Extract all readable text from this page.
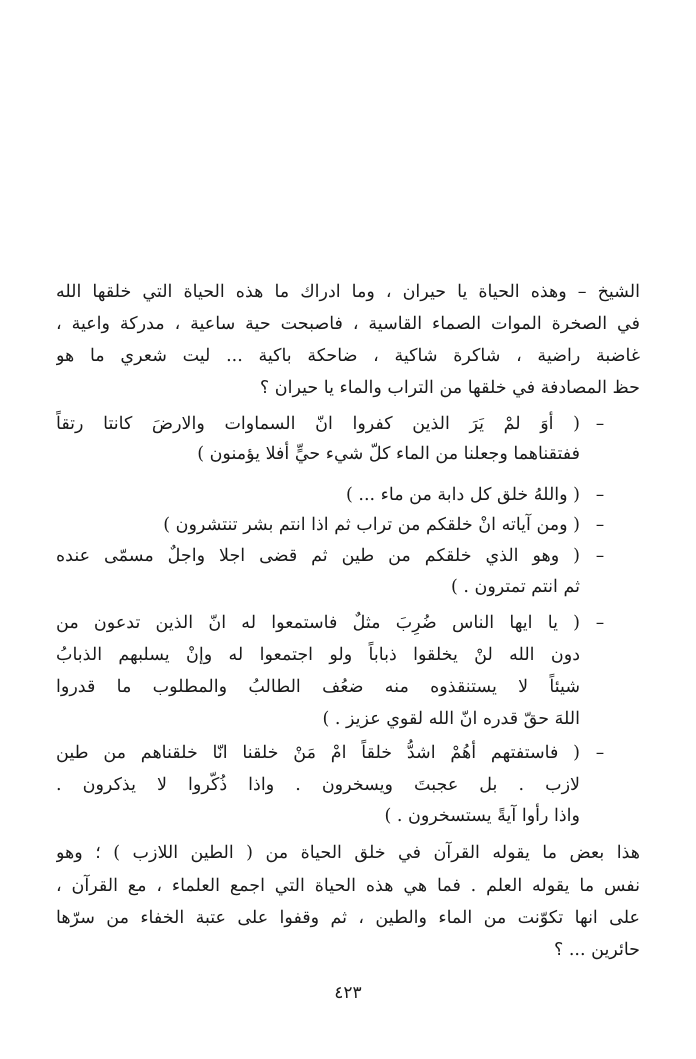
الشيخ – وهذه الحياة يا حيران ، وما ادراك ما هذه الحياة التي خلقها الله
في الصخرة الموات الصماء القاسية ، فاصبحت حية ساعية ، مدركة واعية ،
غاضبة راضية ، شاكرة شاكية ، ضاحكة باكية ... ليت شعري ما هو
حظ المصادفة في خلقها من التراب والماء يا حيران ؟
–
( أوَ لمْ يَرَ الذين كفروا انّ السماوات والارضَ كانتا رتقاً
ففتقناهما وجعلنا من الماء كلّ شيء حيٍّ أفلا يؤمنون )
–
( واللهُ خلق كل دابة من ماء ... )
–
( ومن آياته انْ خلقكم من تراب ثم اذا انتم بشر تنتشرون )
–
( وهو الذي خلقكم من طين ثم قضى اجلا واجلٌ مسمّى عنده
ثم انتم تمترون . )
–
( يا ايها الناس ضُرِبَ مثلٌ فاستمعوا له انّ الذين تدعون من
دون الله لنْ يخلقوا ذباباً ولو اجتمعوا له وإنْ يسلبهم الذبابُ
شيئاً لا يستنقذوه منه ضعُف الطالبُ والمطلوب ما قدروا
اللهَ حقّ قدره انّ الله لقوي عزيز . )
–
( فاستفتهم أهُمْ اشدُّ خلقاً امْ مَنْ خلقنا انّا خلقناهم من طين
لازب . بل عجبتَ ويسخرون . واذا ذُكّروا لا يذكرون .
واذا رأوا آيةً يستسخرون . )
هذا بعض ما يقوله القرآن في خلق الحياة من ( الطين اللازب ) ؛ وهو
نفس ما يقوله العلم . فما هي هذه الحياة التي اجمع العلماء ، مع القرآن ،
على انها تكوّنت من الماء والطين ، ثم وقفوا على عتبة الخفاء من سرّها
حائرين ... ؟
٤٢٣
